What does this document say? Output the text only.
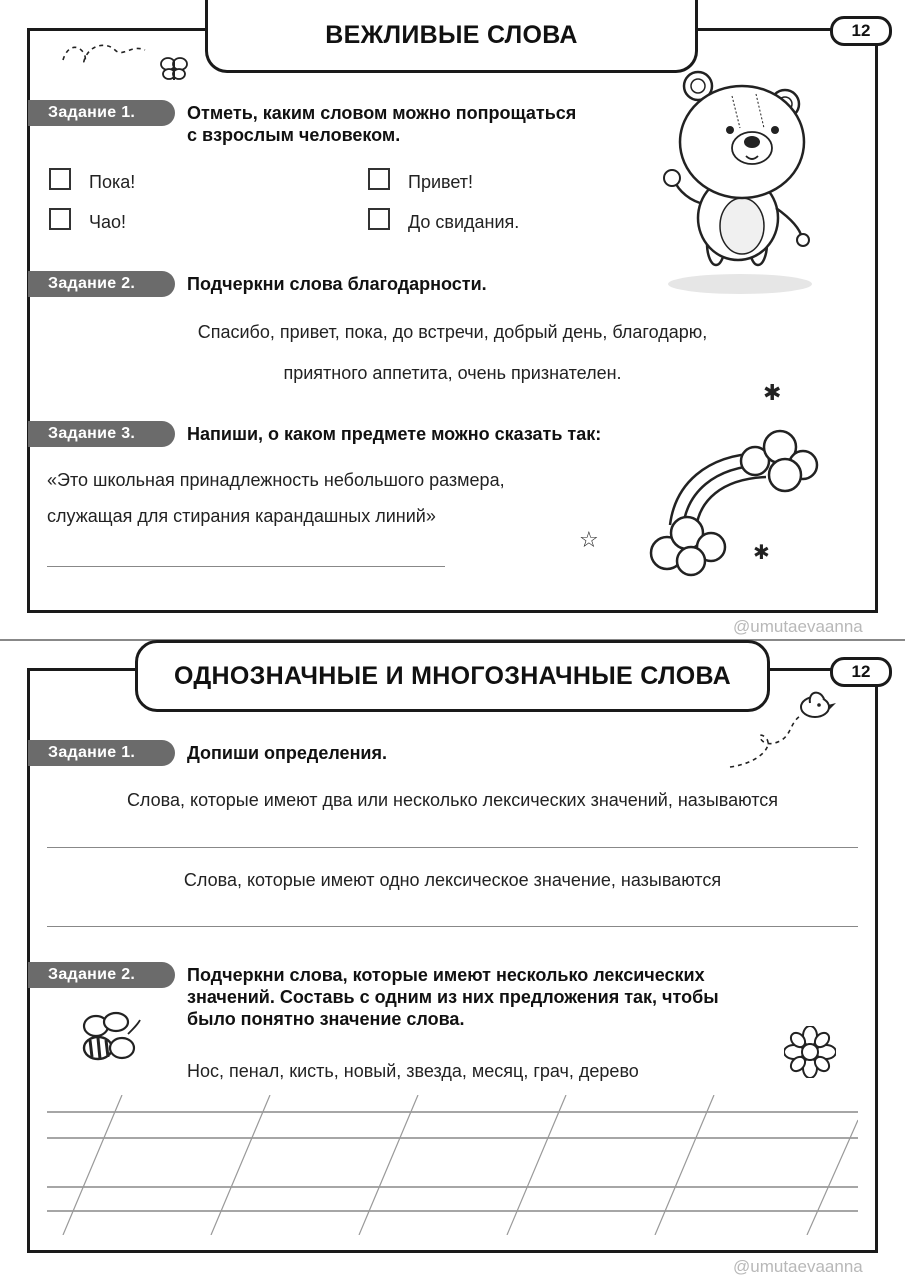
ВЕЖЛИВЫЕ СЛОВА	12
Задание 1.	Отметь, каким словом можно попрощаться
с взрослым человеком.
Пока!	Привет!
Чао!	До свидания.
Задание 2.	Подчеркни слова благодарности.
Спасибо, привет, пока, до встречи, добрый день, благодарю,
приятного аппетита, очень признателен.
Задание 3.	Напиши, о каком предмете можно сказать так:
«Это школьная принадлежность небольшого размера,
служащая для стирания карандашных линий»
✱
☆
✱
@umutaevaanna
ОДНОЗНАЧНЫЕ И МНОГОЗНАЧНЫЕ СЛОВА	12
Задание 1.	Допиши определения.
Слова, которые имеют два или несколько лексических значений, называются
Слова, которые имеют одно лексическое значение, называются
Задание 2.	Подчеркни слова, которые имеют несколько лексических
значений. Составь с одним из них предложения так, чтобы
было понятно значение слова.
Нос, пенал, кисть, новый, звезда, месяц, грач, дерево
@umutaevaanna
